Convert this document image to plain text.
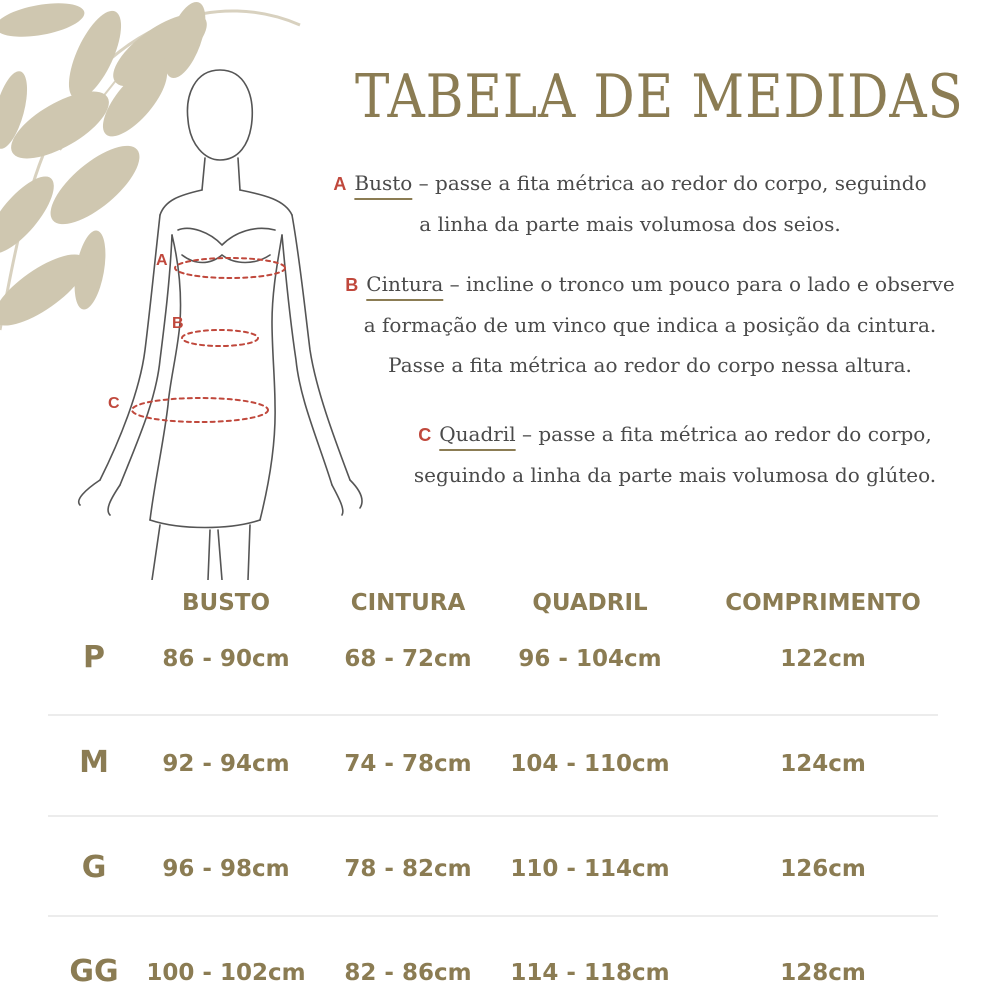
A
B
C
TABELA DE MEDIDAS
A Busto – passe a fita métrica ao redor do corpo, seguindo
a linha da parte mais volumosa dos seios.
B Cintura – incline o tronco um pouco para o lado e observe
a formação de um vinco que indica a posição da cintura.
Passe a fita métrica ao redor do corpo nessa altura.
C Quadril – passe a fita métrica ao redor do corpo,
seguindo a linha da parte mais volumosa do glúteo.
BUSTO	CINTURA	QUADRIL	COMPRIMENTO
P	86 - 90cm	68 - 72cm	96 - 104cm	122cm
M	92 - 94cm	74 - 78cm	104 - 110cm	124cm
G	96 - 98cm	78 - 82cm	110 - 114cm	126cm
GG	100 - 102cm	82 - 86cm	114 - 118cm	128cm
